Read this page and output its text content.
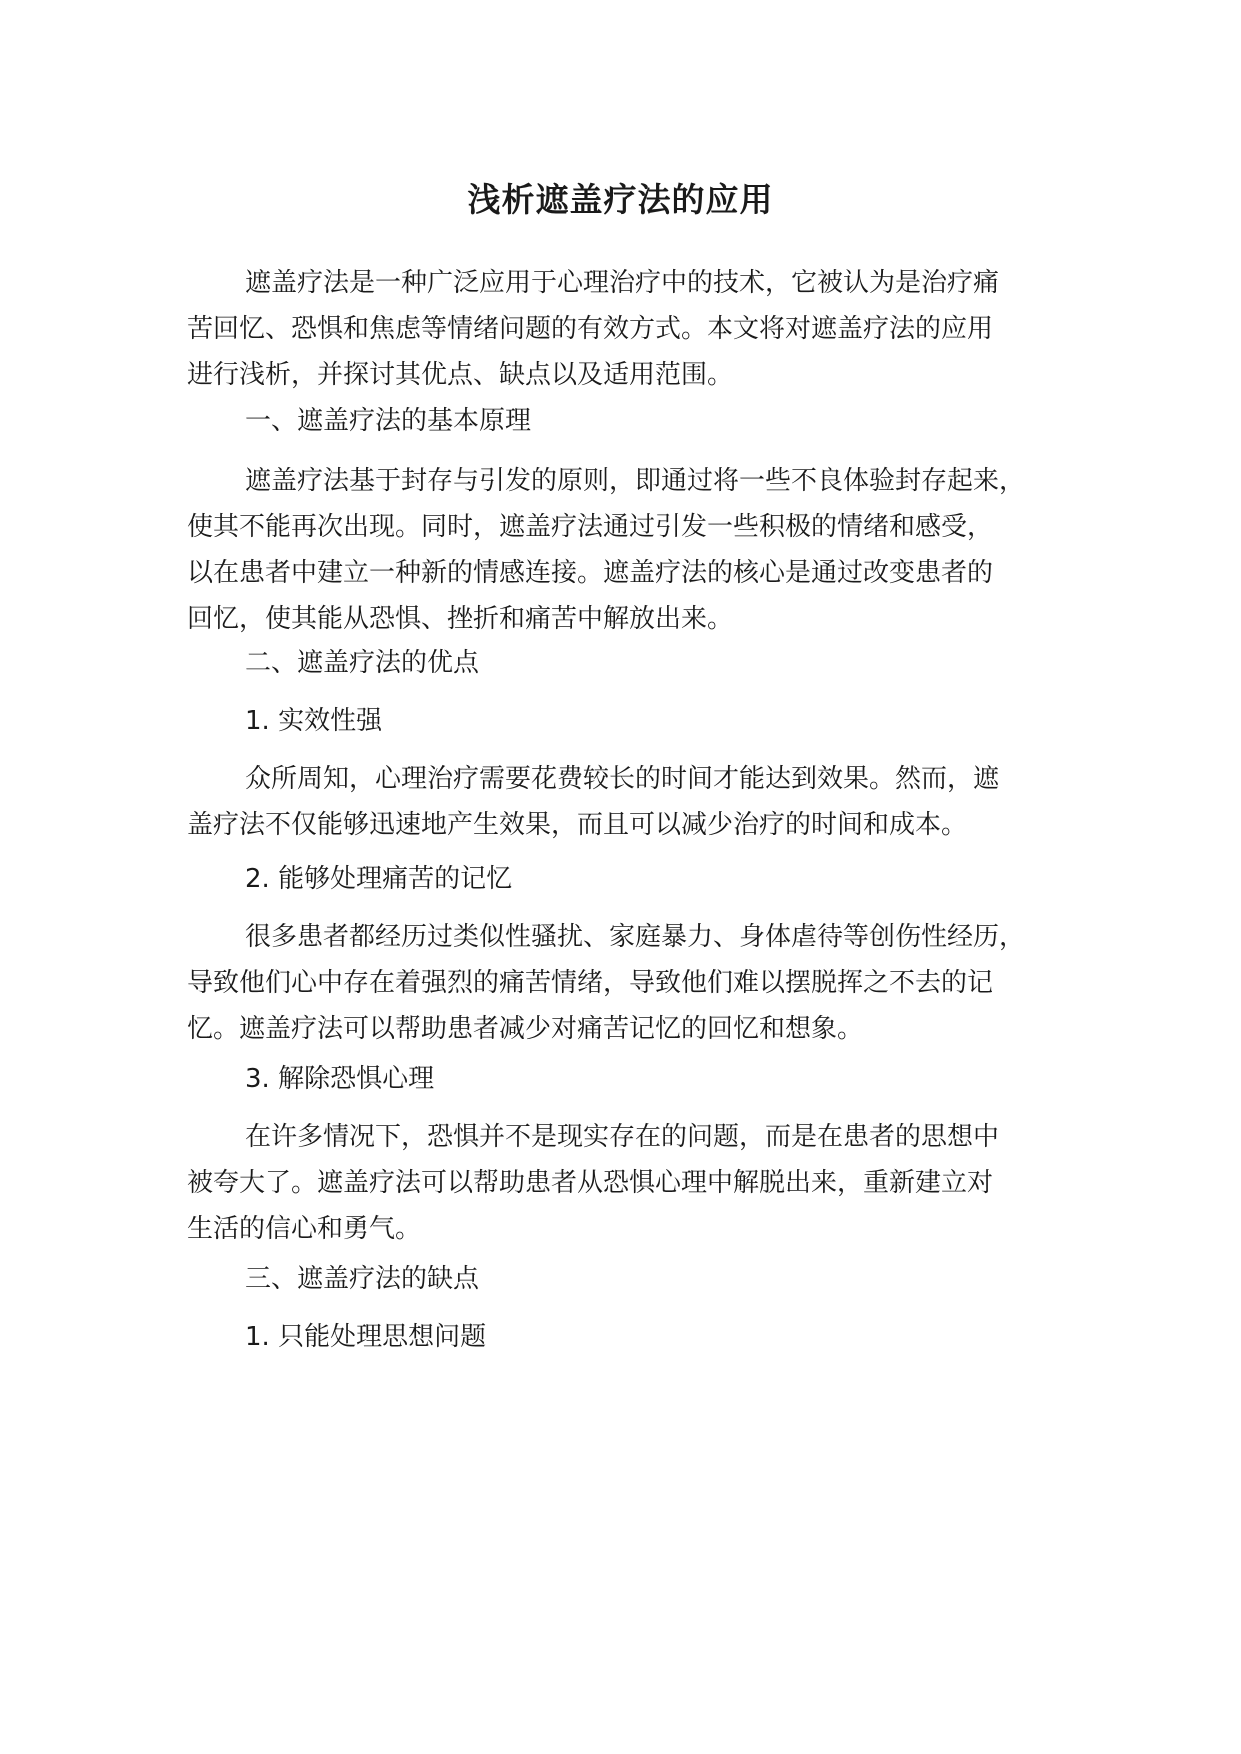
浅析遮盖疗法的应用
遮盖疗法是一种广泛应用于心理治疗中的技术，它被认为是治疗痛
苦回忆、恐惧和焦虑等情绪问题的有效方式。本文将对遮盖疗法的应用
进行浅析，并探讨其优点、缺点以及适用范围。
一、遮盖疗法的基本原理
遮盖疗法基于封存与引发的原则，即通过将一些不良体验封存起来，
使其不能再次出现。同时，遮盖疗法通过引发一些积极的情绪和感受，
以在患者中建立一种新的情感连接。遮盖疗法的核心是通过改变患者的
回忆，使其能从恐惧、挫折和痛苦中解放出来。
二、遮盖疗法的优点
1. 实效性强
众所周知，心理治疗需要花费较长的时间才能达到效果。然而，遮
盖疗法不仅能够迅速地产生效果，而且可以减少治疗的时间和成本。
2. 能够处理痛苦的记忆
很多患者都经历过类似性骚扰、家庭暴力、身体虐待等创伤性经历，
导致他们心中存在着强烈的痛苦情绪，导致他们难以摆脱挥之不去的记
忆。遮盖疗法可以帮助患者减少对痛苦记忆的回忆和想象。
3. 解除恐惧心理
在许多情况下，恐惧并不是现实存在的问题，而是在患者的思想中
被夸大了。遮盖疗法可以帮助患者从恐惧心理中解脱出来，重新建立对
生活的信心和勇气。
三、遮盖疗法的缺点
1. 只能处理思想问题
